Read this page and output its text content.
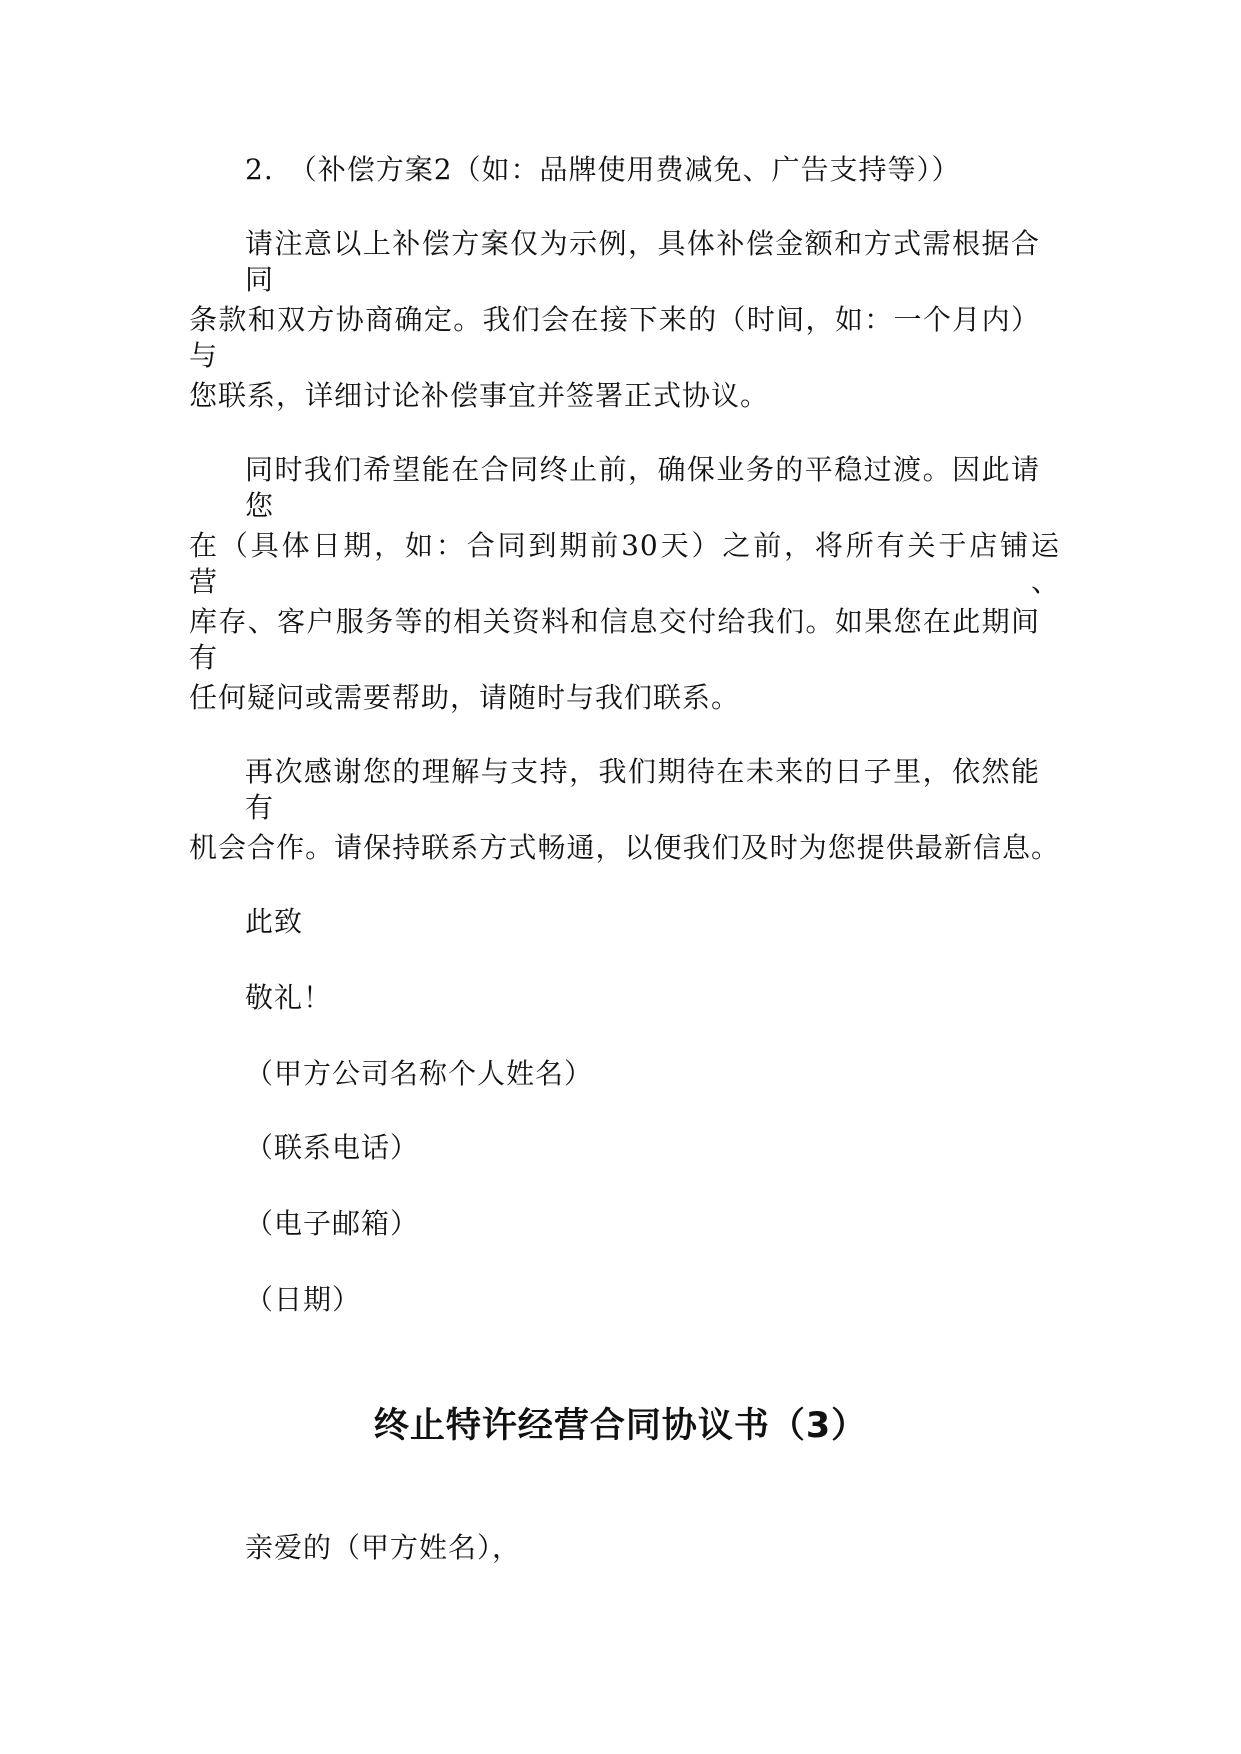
2.　（补偿方案2（如：品牌使用费减免、广告支持等））
请注意以上补偿方案仅为示例，具体补偿金额和方式需根据合同
条款和双方协商确定。我们会在接下来的（时间，如：一个月内）与
您联系，详细讨论补偿事宜并签署正式协议。
同时我们希望能在合同终止前，确保业务的平稳过渡。因此请您
在（具体日期，如：合同到期前30天）之前，将所有关于店铺运营、
库存、客户服务等的相关资料和信息交付给我们。如果您在此期间有
任何疑问或需要帮助，请随时与我们联系。
再次感谢您的理解与支持，我们期待在未来的日子里，依然能有
机会合作。请保持联系方式畅通，以便我们及时为您提供最新信息。
此致
敬礼！
（甲方公司名称个人姓名）
（联系电话）
（电子邮箱）
（日期）
终止特许经营合同协议书（3）
亲爱的（甲方姓名），
